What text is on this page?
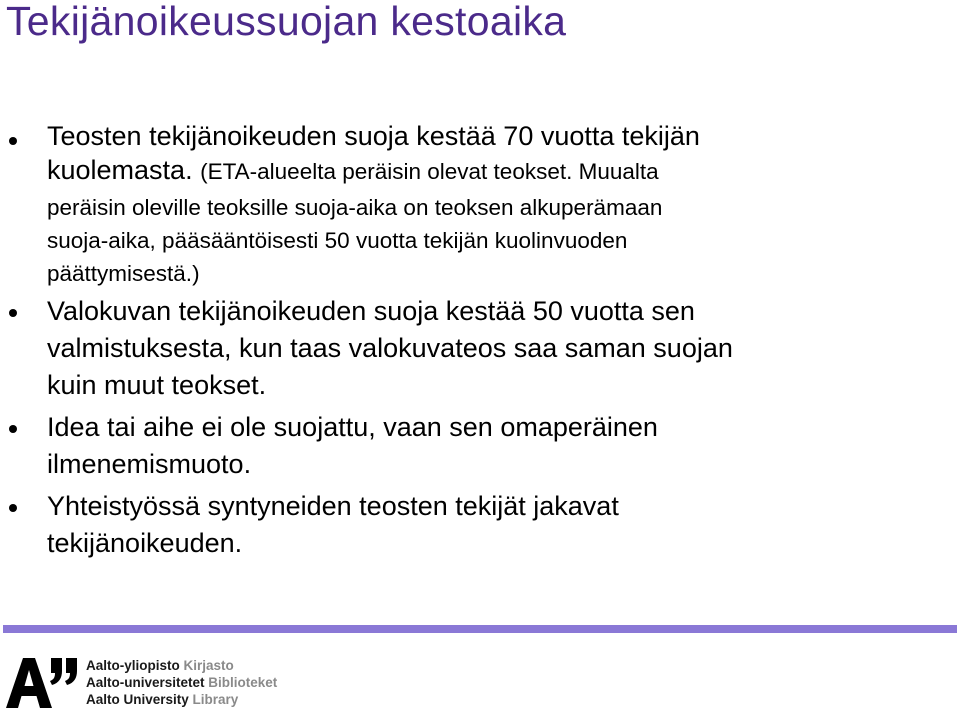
Tekijänoikeussuojan kestoaika
Teosten tekijänoikeuden suoja kestää 70 vuotta tekijän
kuolemasta. (ETA-alueelta peräisin olevat teokset. Muualta
peräisin oleville teoksille suoja-aika on teoksen alkuperämaan
suoja-aika, pääsääntöisesti 50 vuotta tekijän kuolinvuoden
päättymisestä.)
Valokuvan tekijänoikeuden suoja kestää 50 vuotta sen
valmistuksesta, kun taas valokuvateos saa saman suojan
kuin muut teokset.
Idea tai aihe ei ole suojattu, vaan sen omaperäinen
ilmenemismuoto.
Yhteistyössä syntyneiden teosten tekijät jakavat
tekijänoikeuden.
Aalto-yliopisto Kirjasto
Aalto-universitetet Biblioteket
Aalto University Library
